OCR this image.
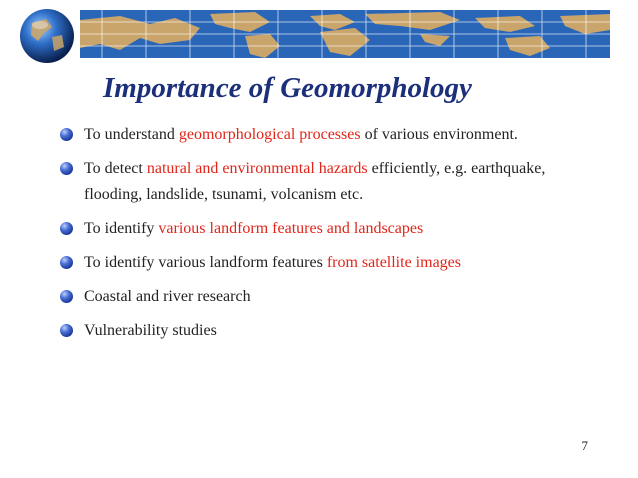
Importance of Geomorphology
To understand geomorphological processes of various environment.
To detect natural and environmental hazards efficiently, e.g. earthquake, flooding, landslide, tsunami, volcanism etc.
To identify various landform features and landscapes
To identify various landform features from satellite images
Coastal and river research
Vulnerability studies
7
